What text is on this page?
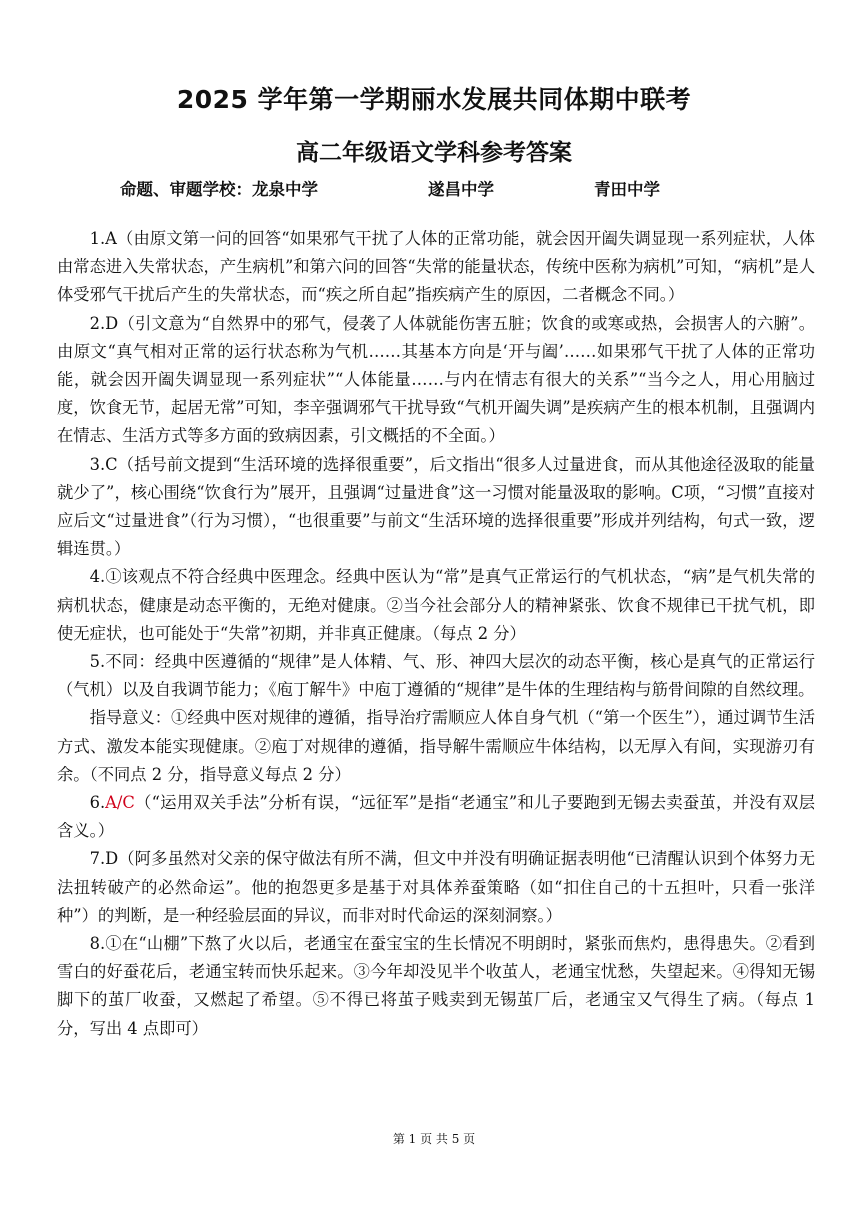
2025 学年第一学期丽水发展共同体期中联考
高二年级语文学科参考答案
命题、审题学校：龙泉中学	遂昌中学	青田中学

1.A（由原文第一问的回答“如果邪气干扰了人体的正常功能，就会因开阖失调显现一系列症状，人体由常态进入失常状态，产生病机”和第六问的回答“失常的能量状态，传统中医称为病机”可知，“病机”是人体受邪气干扰后产生的失常状态，而“疾之所自起”指疾病产生的原因，二者概念不同。）

2.D（引文意为“自然界中的邪气，侵袭了人体就能伤害五脏；饮食的或寒或热，会损害人的六腑”。由原文“真气相对正常的运行状态称为气机……其基本方向是‘开与阖’……如果邪气干扰了人体的正常功能，就会因开阖失调显现一系列症状”“人体能量……与内在情志有很大的关系”“当今之人，用心用脑过度，饮食无节，起居无常”可知，李辛强调邪气干扰导致“气机开阖失调”是疾病产生的根本机制，且强调内在情志、生活方式等多方面的致病因素，引文概括的不全面。）

3.C（括号前文提到“生活环境的选择很重要”，后文指出“很多人过量进食，而从其他途径汲取的能量就少了”，核心围绕“饮食行为”展开，且强调“过量进食”这一习惯对能量汲取的影响。C项，“习惯”直接对应后文“过量进食”（行为习惯），“也很重要”与前文“生活环境的选择很重要”形成并列结构，句式一致，逻辑连贯。）

4.①该观点不符合经典中医理念。经典中医认为“常”是真气正常运行的气机状态，“病”是气机失常的病机状态，健康是动态平衡的，无绝对健康。②当今社会部分人的精神紧张、饮食不规律已干扰气机，即使无症状，也可能处于“失常”初期，并非真正健康。（每点 2 分）

5.不同：经典中医遵循的“规律”是人体精、气、形、神四大层次的动态平衡，核心是真气的正常运行（气机）以及自我调节能力；《庖丁解牛》中庖丁遵循的“规律”是牛体的生理结构与筋骨间隙的自然纹理。

指导意义：①经典中医对规律的遵循，指导治疗需顺应人体自身气机（“第一个医生”），通过调节生活方式、激发本能实现健康。②庖丁对规律的遵循，指导解牛需顺应牛体结构，以无厚入有间，实现游刃有余。（不同点 2 分，指导意义每点 2 分）

6.A/C（“运用双关手法”分析有误，“远征军”是指“老通宝”和儿子要跑到无锡去卖蚕茧，并没有双层含义。）

7.D（阿多虽然对父亲的保守做法有所不满，但文中并没有明确证据表明他“已清醒认识到个体努力无法扭转破产的必然命运”。他的抱怨更多是基于对具体养蚕策略（如“扣住自己的十五担叶，只看一张洋种”）的判断，是一种经验层面的异议，而非对时代命运的深刻洞察。）

8.①在“山棚”下熬了火以后，老通宝在蚕宝宝的生长情况不明朗时，紧张而焦灼，患得患失。②看到雪白的好蚕花后，老通宝转而快乐起来。③今年却没见半个收茧人，老通宝忧愁，失望起来。④得知无锡脚下的茧厂收蚕，又燃起了希望。⑤不得已将茧子贱卖到无锡茧厂后，老通宝又气得生了病。（每点 1 分，写出 4 点即可）

第 1 页 共 5 页
